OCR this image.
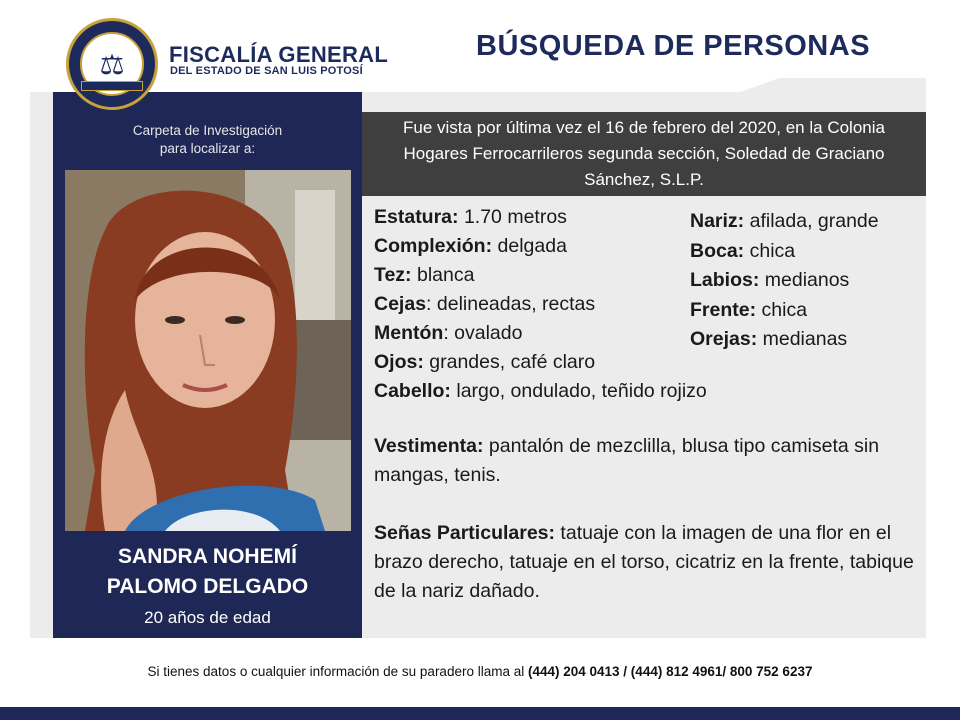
⚖	FISCALÍA GENERAL
DEL ESTADO DE SAN LUIS POTOSÍ
BÚSQUEDA DE PERSONAS
Carpeta de Investigación
para localizar a:
SANDRA NOHEMÍ
PALOMO DELGADO
20 años de edad
Fue vista por última vez el 16 de febrero del 2020, en la Colonia Hogares Ferrocarrileros segunda sección, Soledad de Graciano Sánchez, S.L.P.
Estatura: 1.70 metros
Complexión: delgada
Tez: blanca
Cejas: delineadas, rectas
Mentón: ovalado
Ojos: grandes, café claro
Cabello: largo, ondulado, teñido rojizo
Nariz: afilada, grande
Boca: chica
Labios: medianos
Frente: chica
Orejas: medianas
Vestimenta: pantalón de mezclilla, blusa tipo camiseta sin mangas, tenis.
Señas Particulares: tatuaje con la imagen de una flor en el brazo derecho, tatuaje en el torso, cicatriz en la frente, tabique de la nariz dañado.
Si tienes datos o cualquier información de su paradero llama al (444) 204 0413 / (444) 812 4961/ 800 752 6237
